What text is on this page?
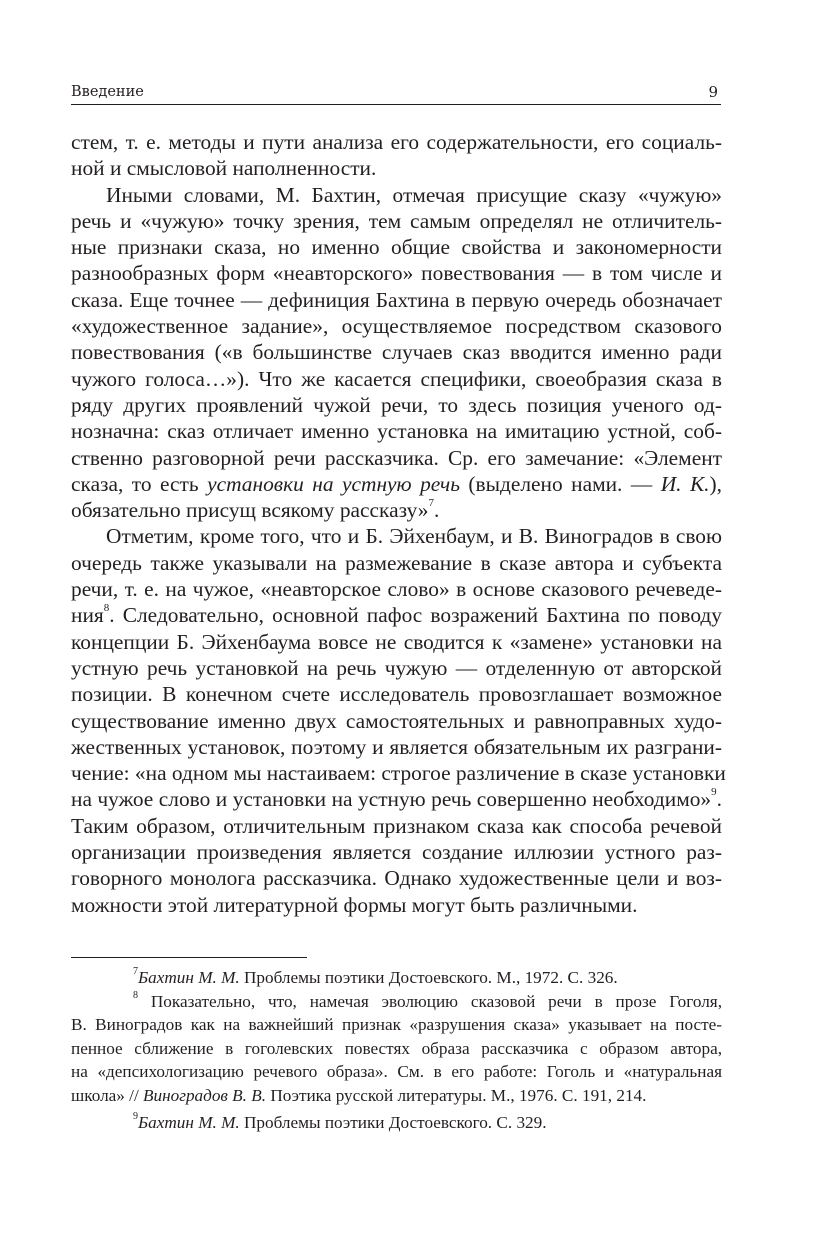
Введение	9
стем, т. е. методы и пути анализа его содержательности, его социаль-
ной и смысловой наполненности.
Иными словами, М. Бахтин, отмечая присущие сказу «чужую»
речь и «чужую» точку зрения, тем самым определял не отличитель-
ные признаки сказа, но именно общие свойства и закономерности
разнообразных форм «неавторского» повествования — в том числе и
сказа. Еще точнее — дефиниция Бахтина в первую очередь обозначает
«художественное задание», осуществляемое посредством сказового
повествования («в большинстве случаев сказ вводится именно ради
чужого голоса…»). Что же касается специфики, своеобразия сказа в
ряду других проявлений чужой речи, то здесь позиция ученого од-
нозначна: сказ отличает именно установка на имитацию устной, соб-
ственно разговорной речи рассказчика. Ср. его замечание: «Элемент
сказа, то есть установки на устную речь (выделено нами. — И. К.),
обязательно присущ всякому рассказу»$^7$.
Отметим, кроме того, что и Б. Эйхенбаум, и В. Виноградов в свою
очередь также указывали на размежевание в сказе автора и субъекта
речи, т. е. на чужое, «неавторское слово» в основе сказового речеведе-
ния$^8$. Следовательно, основной пафос возражений Бахтина по поводу
концепции Б. Эйхенбаума вовсе не сводится к «замене» установки на
устную речь установкой на речь чужую — отделенную от авторской
позиции. В конечном счете исследователь провозглашает возможное
существование именно двух самостоятельных и равноправных худо-
жественных установок, поэтому и является обязательным их разграни-
чение: «на одном мы настаиваем: строгое различение в сказе установки
на чужое слово и установки на устную речь совершенно необходимо»$^9$.
Таким образом, отличительным признаком сказа как способа речевой
организации произведения является создание иллюзии устного раз-
говорного монолога рассказчика. Однако художественные цели и воз-
можности этой литературной формы могут быть различными.
$^7$Бахтин М. М. Проблемы поэтики Достоевского. М., 1972. С. 326.
$^8$ Показательно, что, намечая эволюцию сказовой речи в прозе Гоголя,
В. Виноградов как на важнейший признак «разрушения сказа» указывает на посте-
пенное сближение в гоголевских повестях образа рассказчика с образом автора,
на «депсихологизацию речевого образа». См. в его работе: Гоголь и «натуральная
школа» // Виноградов В. В. Поэтика русской литературы. М., 1976. С. 191, 214.
$^9$Бахтин М. М. Проблемы поэтики Достоевского. С. 329.
